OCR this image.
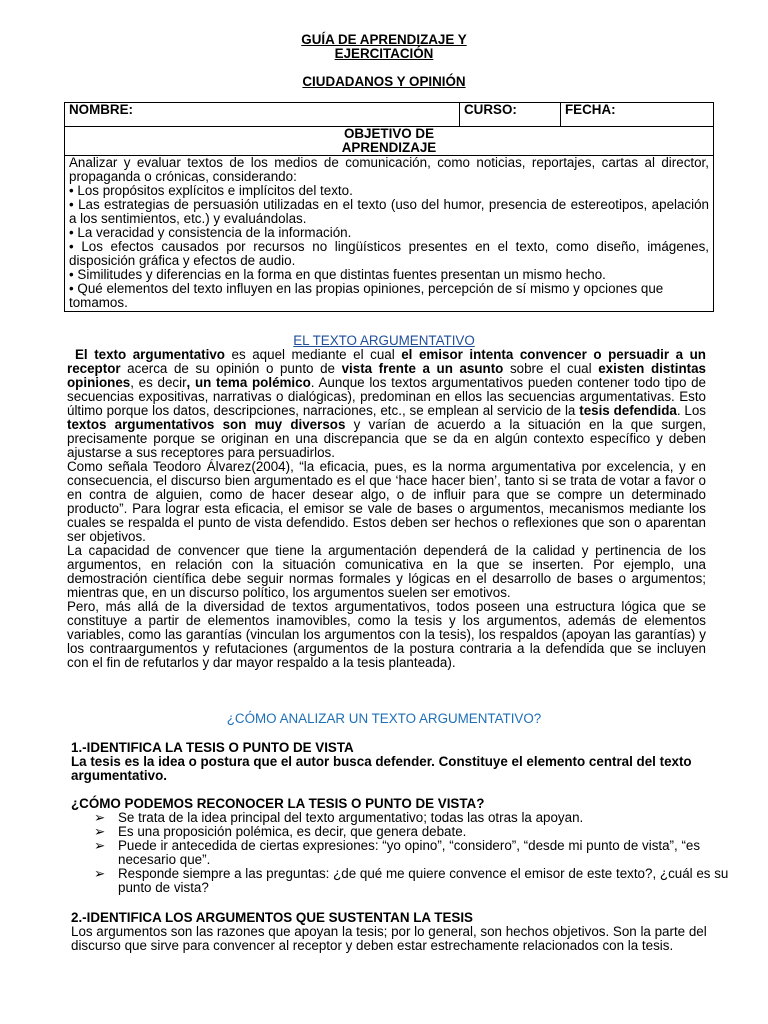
GUÍA DE APRENDIZAJE Y
EJERCITACIÓN
CIUDADANOS Y OPINIÓN
NOMBRE:	CURSO:	FECHA:

OBJETIVO DE
APRENDIZAJE

Analizar y evaluar textos de los medios de comunicación, como noticias, reportajes, cartas al director, propaganda o crónicas, considerando:

• Los propósitos explícitos e implícitos del texto.

• Las estrategias de persuasión utilizadas en el texto (uso del humor, presencia de estereotipos, apelación a los sentimientos, etc.) y evaluándolas.

• La veracidad y consistencia de la información.

• Los efectos causados por recursos no lingüísticos presentes en el texto, como diseño, imágenes, disposición gráfica y efectos de audio.

• Similitudes y diferencias en la forma en que distintas fuentes presentan un mismo hecho.

• Qué elementos del texto influyen en las propias opiniones, percepción de sí mismo y opciones que

tomamos.

EL TEXTO ARGUMENTATIVO

El texto argumentativo es aquel mediante el cual el emisor intenta convencer o persuadir a un receptor acerca de su opinión o punto de vista frente a un asunto sobre el cual existen distintas opiniones, es decir, un tema polémico. Aunque los textos argumentativos pueden contener todo tipo de secuencias expositivas, narrativas o dialógicas), predominan en ellos las secuencias argumentativas. Esto último porque los datos, descripciones, narraciones, etc., se emplean al servicio de la tesis defendida. Los textos argumentativos son muy diversos y varían de acuerdo a la situación en la que surgen, precisamente porque se originan en una discrepancia que se da en algún contexto específico y deben ajustarse a sus receptores para persuadirlos.

Como señala Teodoro Álvarez(2004), “la eficacia, pues, es la norma argumentativa por excelencia, y en consecuencia, el discurso bien argumentado es el que ‘hace hacer bien’, tanto si se trata de votar a favor o en contra de alguien, como de hacer desear algo, o de influir para que se compre un determinado producto”. Para lograr esta eficacia, el emisor se vale de bases o argumentos, mecanismos mediante los cuales se respalda el punto de vista defendido. Estos deben ser hechos o reflexiones que son o aparentan ser objetivos.

La capacidad de convencer que tiene la argumentación dependerá de la calidad y pertinencia de los argumentos, en relación con la situación comunicativa en la que se inserten. Por ejemplo, una demostración científica debe seguir normas formales y lógicas en el desarrollo de bases o argumentos; mientras que, en un discurso político, los argumentos suelen ser emotivos.

Pero, más allá de la diversidad de textos argumentativos, todos poseen una estructura lógica que se constituye a partir de elementos inamovibles, como la tesis y los argumentos, además de elementos variables, como las garantías (vinculan los argumentos con la tesis), los respaldos (apoyan las garantías) y los contraargumentos y refutaciones (argumentos de la postura contraria a la defendida que se incluyen con el fin de refutarlos y dar mayor respaldo a la tesis planteada).

¿CÓMO ANALIZAR UN TEXTO ARGUMENTATIVO?

1.-IDENTIFICA LA TESIS O PUNTO DE VISTA

La tesis es la idea o postura que el autor busca defender. Constituye el elemento central del texto argumentativo.

¿CÓMO PODEMOS RECONOCER LA TESIS O PUNTO DE VISTA?

➢ Se trata de la idea principal del texto argumentativo; todas las otras la apoyan.
➢ Es una proposición polémica, es decir, que genera debate.
➢ Puede ir antecedida de ciertas expresiones: “yo opino”, “considero”, “desde mi punto de vista”, “es necesario que”.
➢ Responde siempre a las preguntas: ¿de qué me quiere convence el emisor de este texto?, ¿cuál es su punto de vista?

2.-IDENTIFICA LOS ARGUMENTOS QUE SUSTENTAN LA TESIS

Los argumentos son las razones que apoyan la tesis; por lo general, son hechos objetivos. Son la parte del discurso que sirve para convencer al receptor y deben estar estrechamente relacionados con la tesis.
